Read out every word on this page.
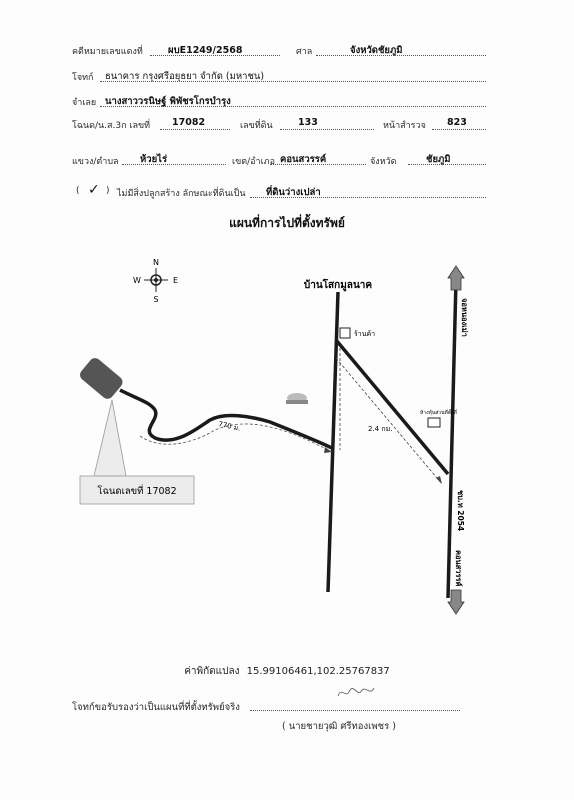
คดีหมายเลขแดงที่	ผบE1249/2568	ศาล	จังหวัดชัยภูมิ
โจทก์ ธนาคาร กรุงศรีอยุธยา จำกัด (มหาชน)
จำเลย นางสาววรนิษฐ์ พิพัชรโกรบำรุง
โฉนด/น.ส.3ก เลขที่ 17082	เลขที่ดิน	133	หน้าสำรวจ 823
แขวง/ตำบล ห้วยไร่	เขต/อำเภอ คอนสวรรค์	จังหวัด	ชัยภูมิ
( ✓ ) ไม่มีสิ่งปลูกสร้าง ลักษณะที่ดินเป็น ที่ดินว่างเปล่า
แผนที่การไปที่ตั้งทรัพย์
N
S
E
W	บ้านโสกมูลนาค
จอหนองเม่า
ชบ.ท 2054
คอนสวรรค์
2.4 กม.
ร้านค้า
ห้างหุ้นส่วนที่ตั้งที่
770 ม.
โฉนดเลขที่ 17082
ค่าพิกัดแปลง 15.99106461,102.25767837
โจทก์ขอรับรองว่าเป็นแผนที่ที่ตั้งทรัพย์จริง
( นายชายวุฒิ ศรีทองเพชร )
